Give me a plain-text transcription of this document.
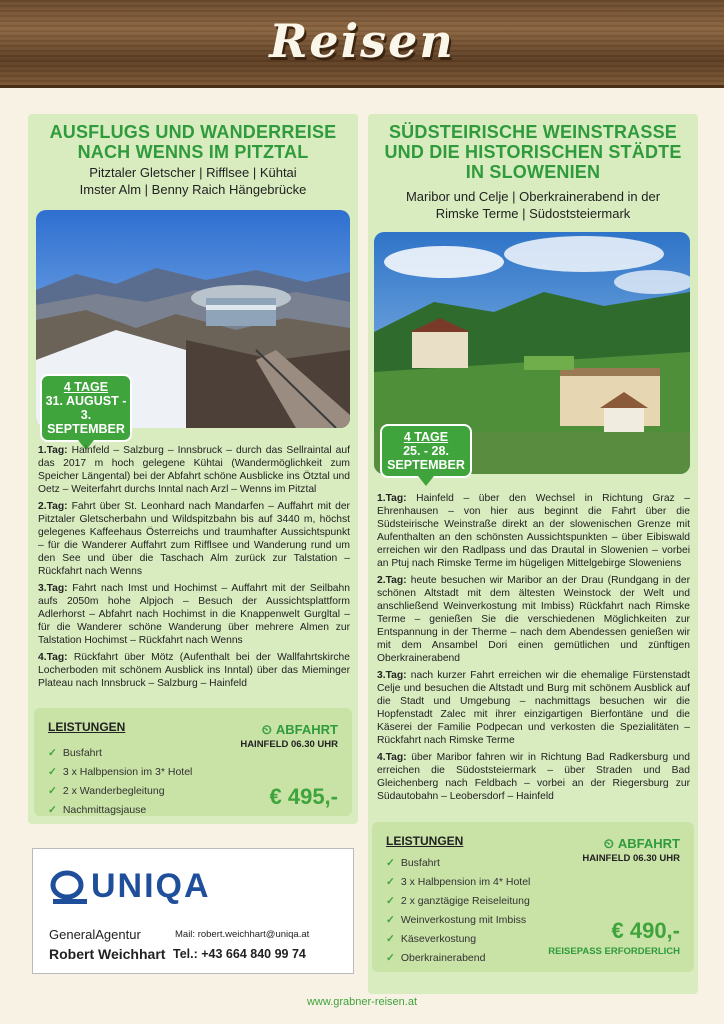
Reisen
AUSFLUGS UND WANDERREISE
NACH WENNS IM PITZTAL
Pitztaler Gletscher | Rifflsee | Kühtai
Imster Alm | Benny Raich Hängebrücke
4 TAGE
31. AUGUST -
3. SEPTEMBER

1.Tag: Hainfeld – Salzburg – Innsbruck – durch das Sellraintal auf das 2017 m hoch gelegene Kühtai (Wandermöglichkeit zum Speicher Längental) bei der Abfahrt schöne Ausblicke ins Ötztal und Oetz – Weiterfahrt durchs Inntal nach Arzl – Wenns im Pitztal

2.Tag: Fahrt über St. Leonhard nach Mandarfen – Auffahrt mit der Pitztaler Gletscherbahn und Wildspitzbahn bis auf 3440 m, höchst gelegenes Kaffeehaus Österreichs und traumhafter Aussichtspunkt – für die Wanderer Auffahrt zum Rifflsee und Wanderung rund um den See und über die Taschach Alm zurück zur Talstation – Rückfahrt nach Wenns

3.Tag: Fahrt nach Imst und Hochimst – Auffahrt mit der Seilbahn aufs 2050m hohe Alpjoch – Besuch der Aussichtsplattform Adlerhorst – Abfahrt nach Hochimst in die Knappenwelt Gurgltal – für die Wanderer schöne Wanderung über mehrere Almen zur Talstation Hochimst – Rückfahrt nach Wenns

4.Tag: Rückfahrt über Mötz (Aufenthalt bei der Wallfahrtskirche Locherboden mit schönem Ausblick ins Inntal) über das Mieminger Plateau nach Innsbruck – Salzburg – Hainfeld

LEISTUNGEN
✓ Busfahrt
✓ 3 x Halbpension im 3* Hotel
✓ 2 x Wanderbegleitung
✓ Nachmittagsjause
⏲ ABFAHRT
HAINFELD 06.30 UHR
€ 495,-
SÜDSTEIRISCHE WEINSTRASSE
UND DIE HISTORISCHEN STÄDTE
IN SLOWENIEN
Maribor und Celje | Oberkrainerabend in der
Rimske Terme | Südoststeiermark
4 TAGE
25. - 28.
SEPTEMBER

1.Tag: Hainfeld – über den Wechsel in Richtung Graz – Ehrenhausen – von hier aus beginnt die Fahrt über die Südsteirische Weinstraße direkt an der slowenischen Grenze mit Aufenthalten an den schönsten Aussichtspunkten – über Eibiswald erreichen wir den Radlpass und das Drautal in Slowenien – vorbei an Ptuj nach Rimske Terme im hügeligen Mittelgebirge Sloweniens

2.Tag: heute besuchen wir Maribor an der Drau (Rundgang in der schönen Altstadt mit dem ältesten Weinstock der Welt und anschließend Weinverkostung mit Imbiss) Rückfahrt nach Rimske Terme – genießen Sie die verschiedenen Möglichkeiten zur Entspannung in der Therme – nach dem Abendessen genießen wir mit dem Ansambel Dori einen gemütlichen und zünftigen Oberkrainerabend

3.Tag: nach kurzer Fahrt erreichen wir die ehemalige Fürstenstadt Celje und besuchen die Altstadt und Burg mit schönem Ausblick auf die Stadt und Umgebung – nachmittags besuchen wir die Hopfenstadt Zalec mit ihrer einzigartigen Bierfontäne und die Käserei der Familie Podpecan und verkosten die Spezialitäten – Rückfahrt nach Rimske Terme

4.Tag: über Maribor fahren wir in Richtung Bad Radkersburg und erreichen die Südoststeiermark – über Straden und Bad Gleichenberg nach Feldbach – vorbei an der Riegersburg zur Südautobahn – Leobersdorf – Hainfeld

LEISTUNGEN
✓ Busfahrt
✓ 3 x Halbpension im 4* Hotel
✓ 2 x ganztägige Reiseleitung
✓ Weinverkostung mit Imbiss
✓ Käseverkostung
✓ Oberkrainerabend
⏲ ABFAHRT
HAINFELD 06.30 UHR
€ 490,-
REISEPASS ERFORDERLICH
UNIQA
GeneralAgentur
Robert Weichhart
Mail: robert.weichhart@uniqa.at
Tel.: +43 664 840 99 74
www.grabner-reisen.at
